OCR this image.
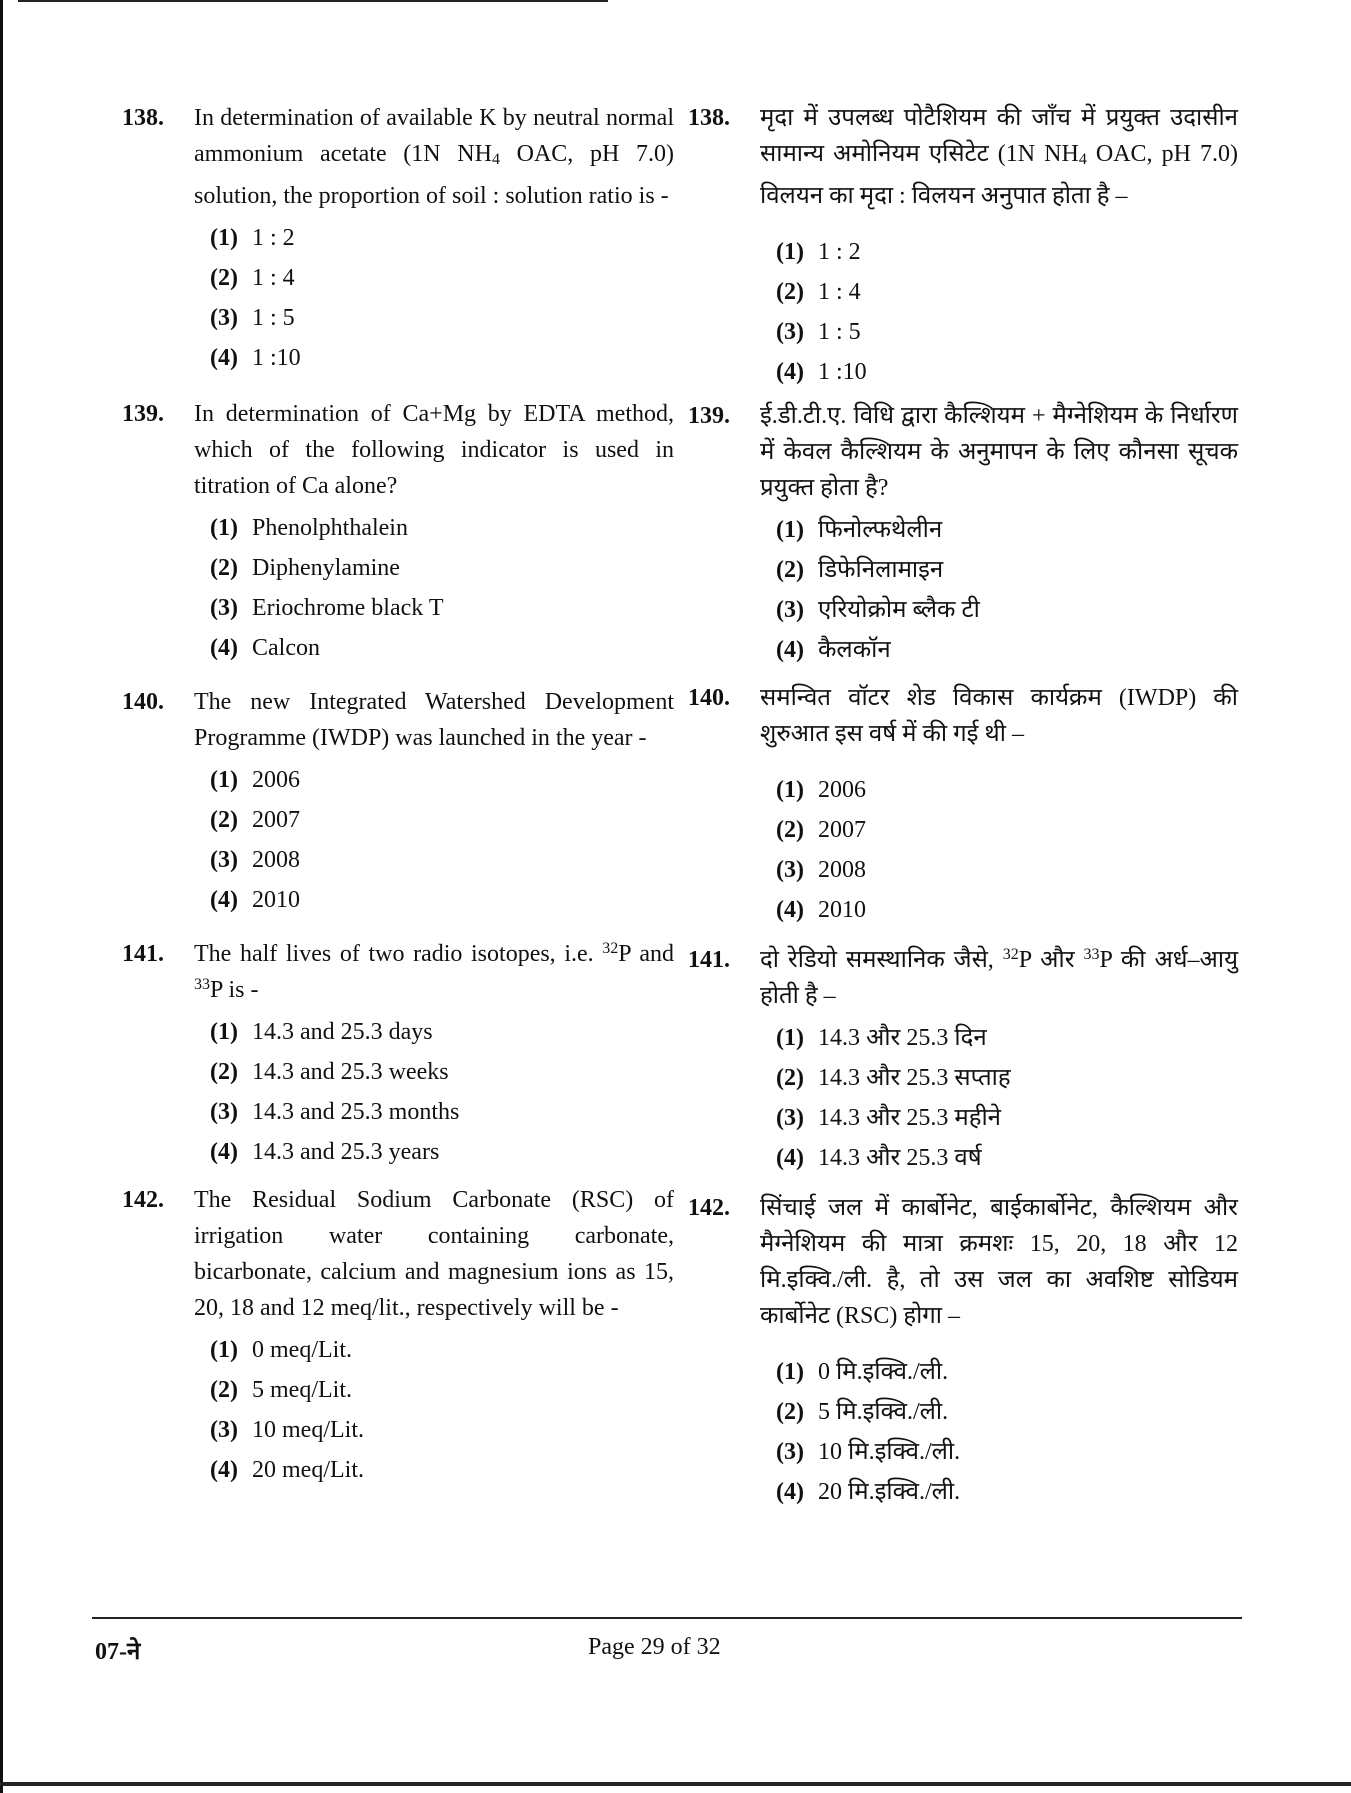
138. In determination of available K by neutral normal ammonium acetate (1N $NH_4$ OAC, pH 7.0) solution, the proportion of soil : solution ratio is -
(1) 1 : 2
(2) 1 : 4
(3) 1 : 5
(4) 1 :10
139. In determination of Ca+Mg by EDTA method, which of the following indicator is used in titration of Ca alone?
(1) Phenolphthalein
(2) Diphenylamine
(3) Eriochrome black T
(4) Calcon
140. The new Integrated Watershed Development Programme (IWDP) was launched in the year -
(1) 2006
(2) 2007
(3) 2008
(4) 2010
141. The half lives of two radio isotopes, i.e. $^{32}$P and $^{33}$P is -
(1) 14.3 and 25.3 days
(2) 14.3 and 25.3 weeks
(3) 14.3 and 25.3 months
(4) 14.3 and 25.3 years
142. The Residual Sodium Carbonate (RSC) of irrigation water containing carbonate, bicarbonate, calcium and magnesium ions as 15, 20, 18 and 12 meq/lit., respectively will be -
(1) 0 meq/Lit.
(2) 5 meq/Lit.
(3) 10 meq/Lit.
(4) 20 meq/Lit.
138. मृदा में उपलब्ध पोटैशियम की जाँच में प्रयुक्त उदासीन सामान्य अमोनियम एसिटेट (1N $NH_4$ OAC, pH 7.0) विलयन का मृदा : विलयन अनुपात होता है –
(1) 1 : 2
(2) 1 : 4
(3) 1 : 5
(4) 1 :10
139. ई.डी.टी.ए. विधि द्वारा कैल्शियम + मैग्नेशियम के निर्धारण में केवल कैल्शियम के अनुमापन के लिए कौनसा सूचक प्रयुक्त होता है?
(1) फिनोल्फथेलीन
(2) डिफेनिलामाइन
(3) एरियोक्रोम ब्लैक टी
(4) कैलकॉन
140. समन्वित वॉटर शेड विकास कार्यक्रम (IWDP) की शुरुआत इस वर्ष में की गई थी –
(1) 2006
(2) 2007
(3) 2008
(4) 2010
141. दो रेडियो समस्थानिक जैसे, $^{32}$P और $^{33}$P की अर्ध–आयु होती है –
(1) 14.3 और 25.3 दिन
(2) 14.3 और 25.3 सप्ताह
(3) 14.3 और 25.3 महीने
(4) 14.3 और 25.3 वर्ष
142. सिंचाई जल में कार्बोनेट, बाईकार्बोनेट, कैल्शियम और मैग्नेशियम की मात्रा क्रमशः 15, 20, 18 और 12 मि.इक्वि./ली. है, तो उस जल का अवशिष्ट सोडियम कार्बोनेट (RSC) होगा –
(1) 0 मि.इक्वि./ली.
(2) 5 मि.इक्वि./ली.
(3) 10 मि.इक्वि./ली.
(4) 20 मि.इक्वि./ली.
07-ने	Page 29 of 32
